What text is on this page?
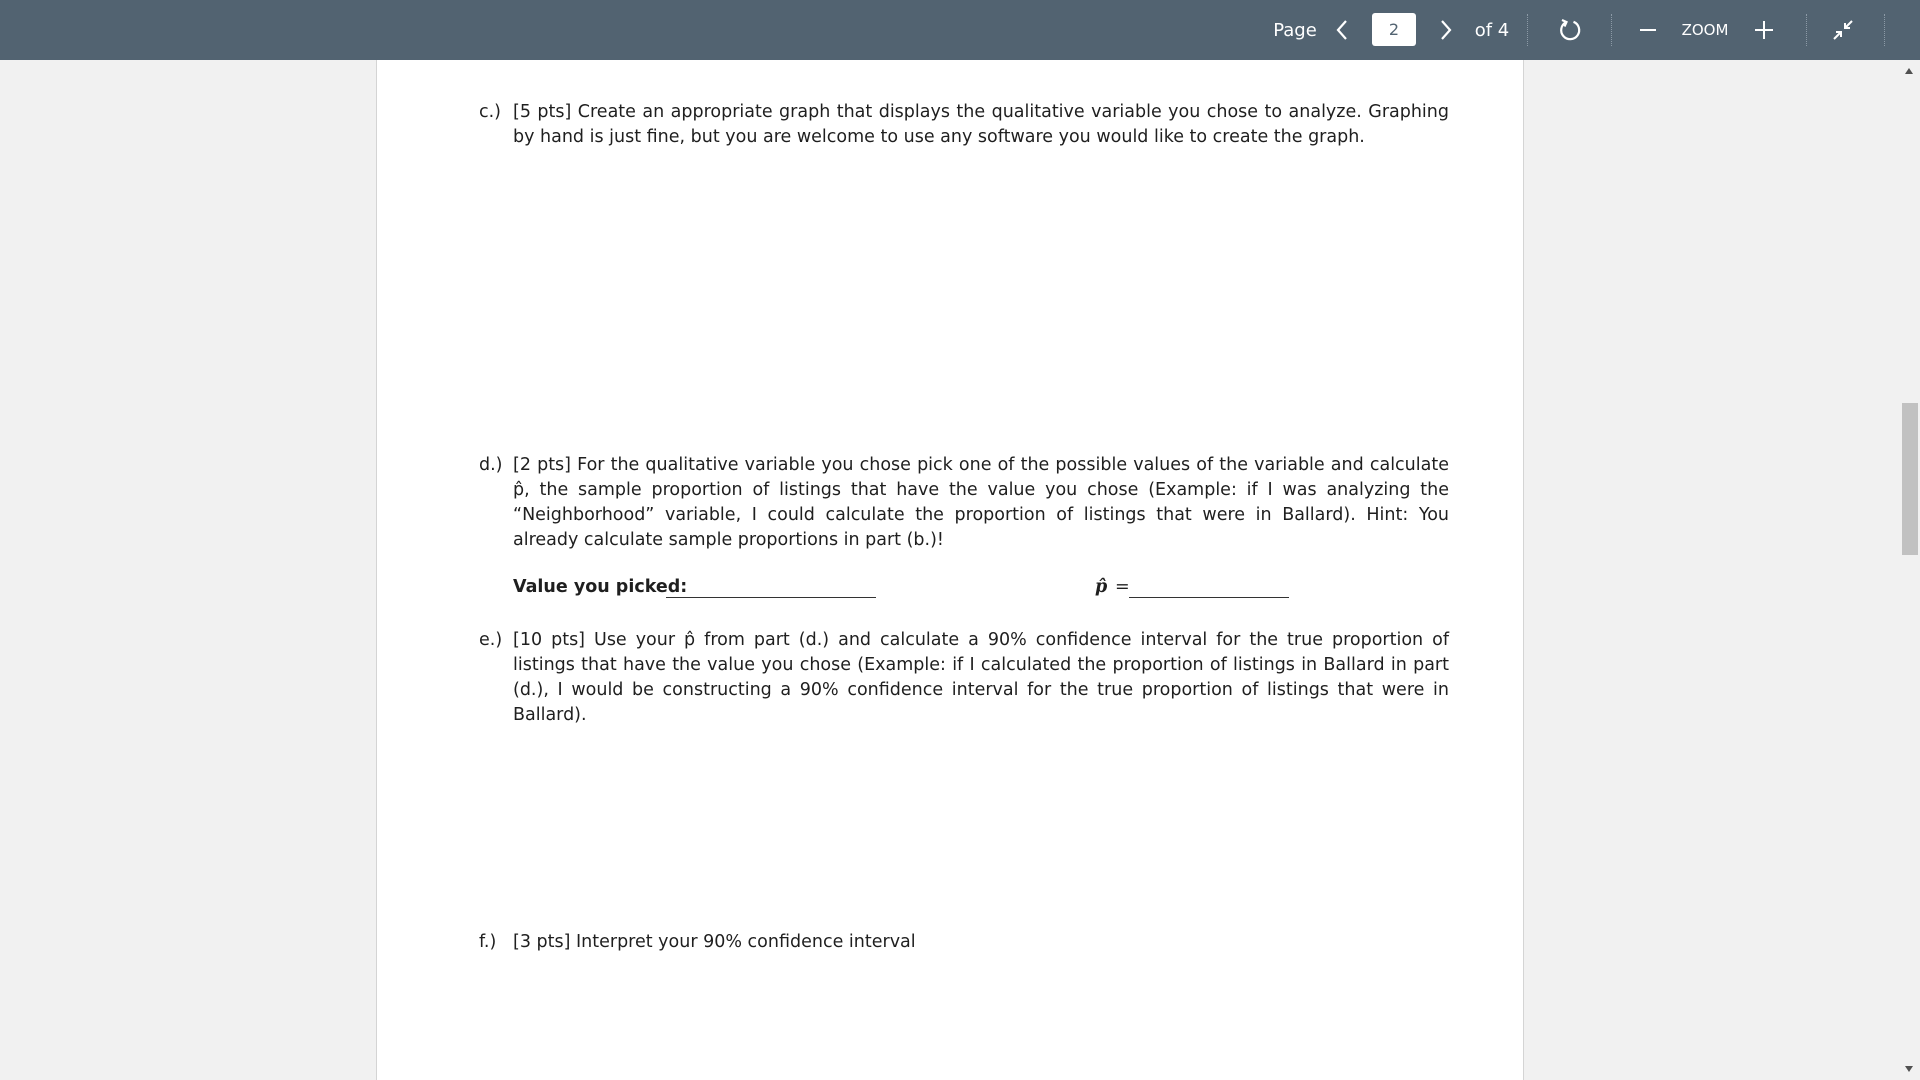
Page
2	of 4	ZOOM
c.) [5 pts] Create an appropriate graph that displays the qualitative variable you chose to analyze. Graphing by hand is just fine, but you are welcome to use any software you would like to create the graph.
d.) [2 pts] For the qualitative variable you chose pick one of the possible values of the variable and calculate p̂, the sample proportion of listings that have the value you chose (Example: if I was analyzing the “Neighborhood” variable, I could calculate the proportion of listings that were in Ballard). Hint: You already calculate sample proportions in part (b.)!
Value you picked:	p̂ =
e.) [10 pts] Use your p̂ from part (d.) and calculate a 90% confidence interval for the true proportion of listings that have the value you chose (Example: if I calculated the proportion of listings in Ballard in part (d.), I would be constructing a 90% confidence interval for the true proportion of listings that were in Ballard).
f.) [3 pts] Interpret your 90% confidence interval
